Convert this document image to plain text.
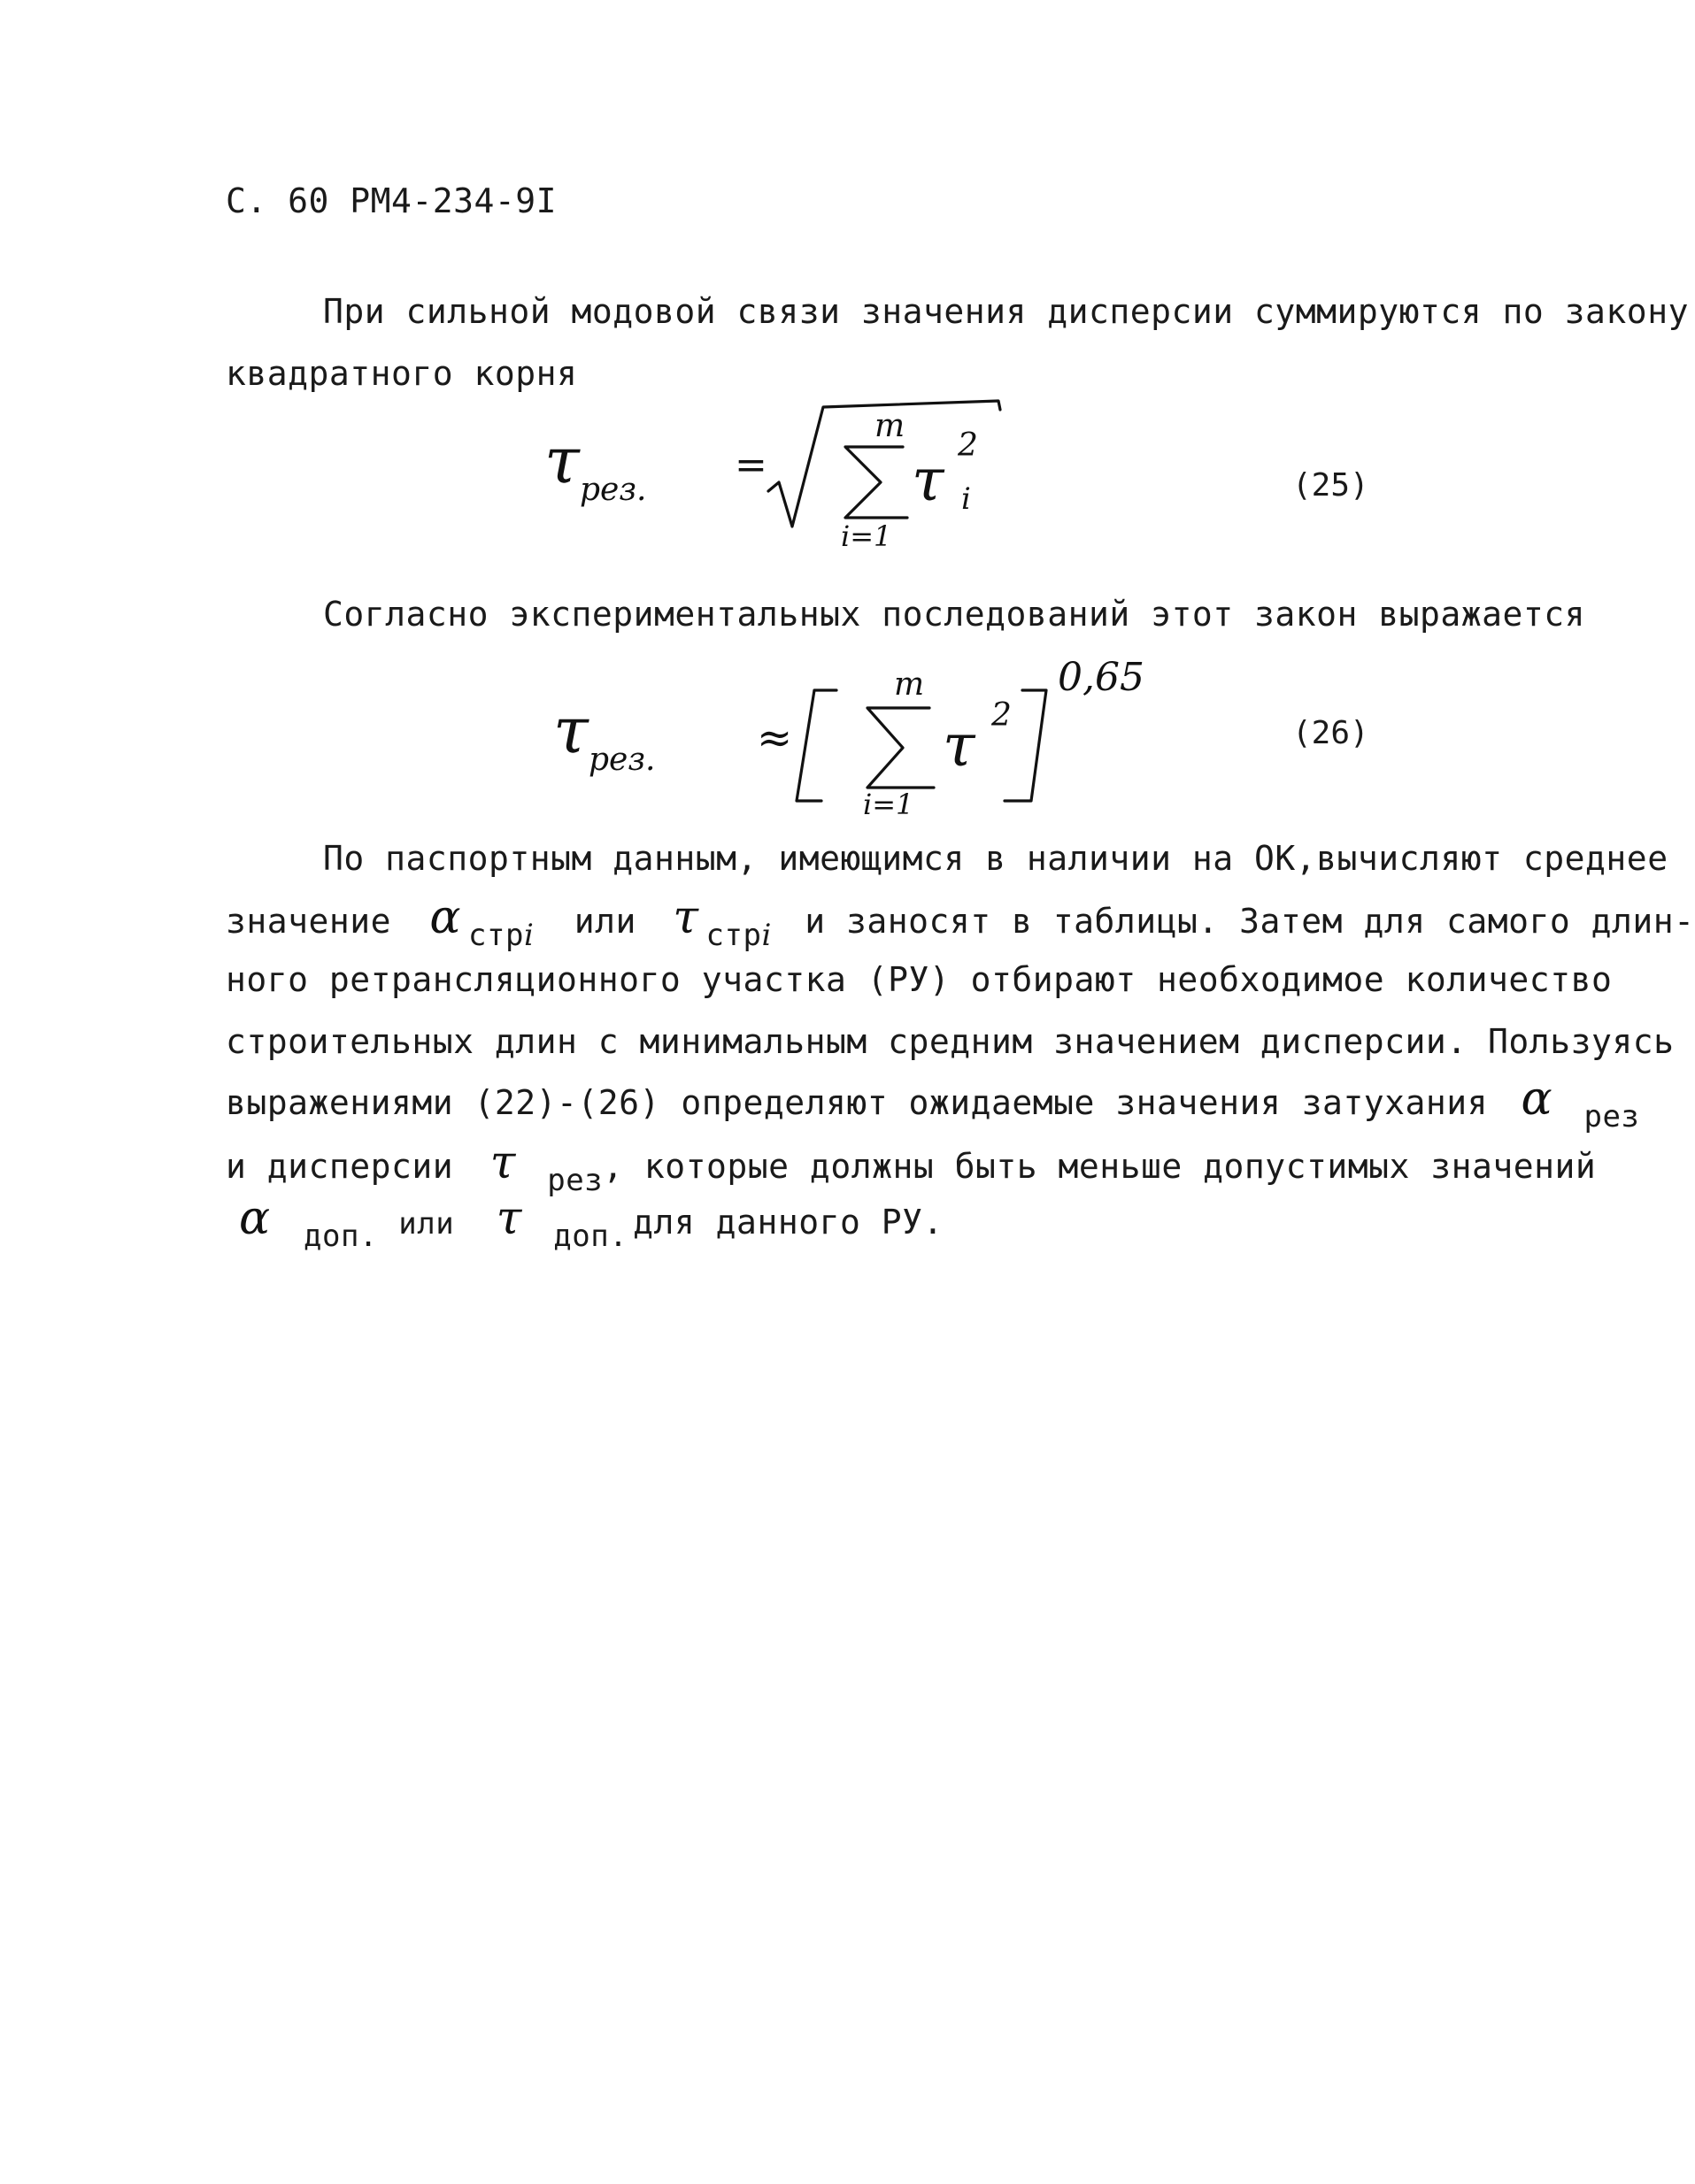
С. 60 РМ4-234-9I
При сильной модовой связи значения дисперсии суммируются по закону
квадратного корня
τ рез.
=
m
i=1
τ
2
i	(25)
Согласно экспериментальных последований этот закон выражается
τ рез. ≈
m
i=1
τ 2
0,65
(26)
По паспортным данным, имеющимся в наличии на ОК,вычисляют среднее
значение α стрi или τ стрi и заносят в таблицы. Затем для самого длин-
ного ретрансляционного участка (РУ) отбирают необходимое количество
строительных длин с минимальным средним значением дисперсии. Пользуясь
выражениями (22)-(26) определяют ожидаемые значения затухания α рез
и дисперсии τ рез, которые должны быть меньше допустимых значений
α доп. или τ доп. для данного РУ.
